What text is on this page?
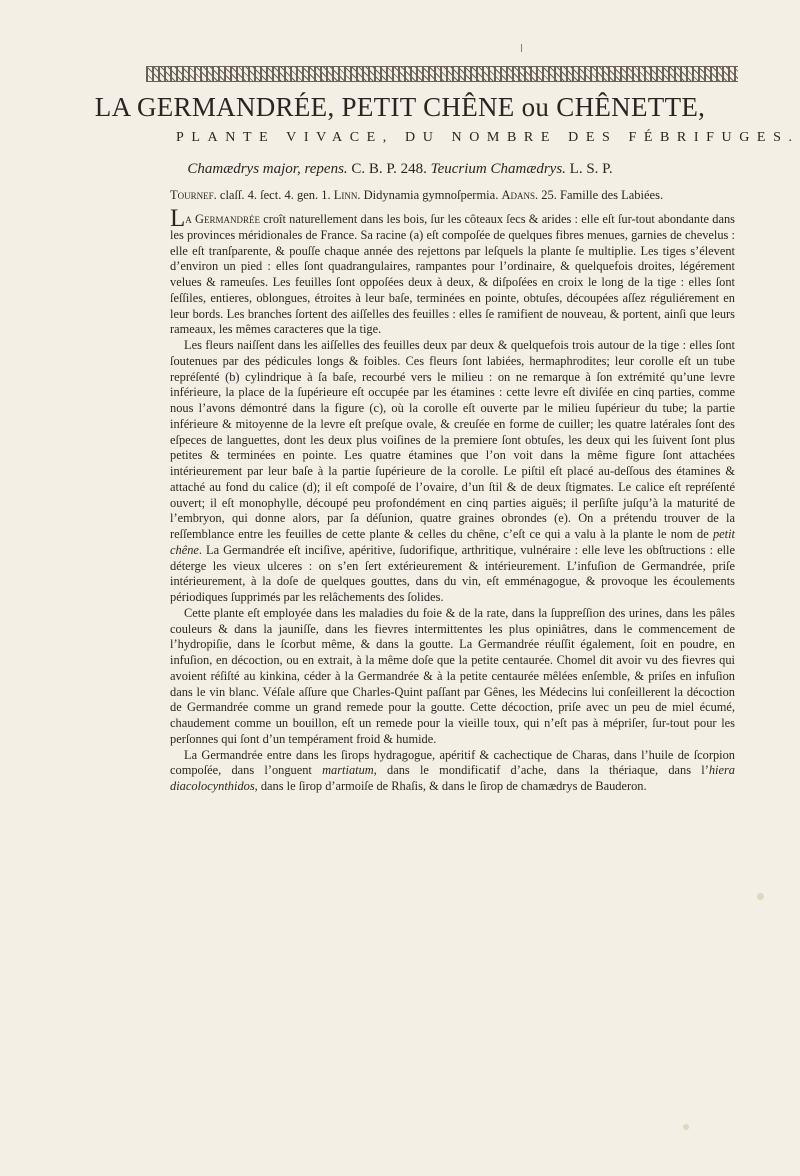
LA GERMANDRÉE, PETIT CHÊNE ou CHÊNETTE,
PLANTE VIVACE, DU NOMBRE DES FÉBRIFUGES.
Chamædrys major, repens. C. B. P. 248. Teucrium Chamædrys. L. S. P.
Tournef. claſſ. 4. ſect. 4. gen. 1. Linn. Didynamia gymnoſpermia. Adans. 25. Famille des Labiées.

La Germandrée croît naturellement dans les bois, ſur les côteaux ſecs & arides : elle eſt ſur-tout abondante dans les provinces méridionales de France. Sa racine (a) eſt compoſée de quelques fibres menues, garnies de chevelus : elle eſt tranſparente, & pouſſe chaque année des rejettons par leſquels la plante ſe multiplie. Les tiges s’élevent d’environ un pied : elles ſont quadrangulaires, rampantes pour l’ordinaire, & quelquefois droites, légérement velues & rameuſes. Les feuilles ſont oppoſées deux à deux, & diſpoſées en croix le long de la tige : elles ſont ſeſſiles, entieres, oblongues, étroites à leur baſe, terminées en pointe, obtuſes, découpées aſſez réguliérement en leur bords. Les branches ſortent des aiſſelles des feuilles : elles ſe ramifient de nouveau, & portent, ainſi que leurs rameaux, les mêmes caracteres que la tige.

Les fleurs naiſſent dans les aiſſelles des feuilles deux par deux & quelquefois trois autour de la tige : elles ſont ſoutenues par des pédicules longs & foibles. Ces fleurs ſont labiées, hermaphrodites; leur corolle eſt un tube repréſenté (b) cylindrique à ſa baſe, recourbé vers le milieu : on ne remarque à ſon extrémité qu’une levre inférieure, la place de la ſupérieure eſt occupée par les étamines : cette levre eſt diviſée en cinq parties, comme nous l’avons démontré dans la figure (c), où la corolle eſt ouverte par le milieu ſupérieur du tube; la partie inférieure & mitoyenne de la levre eſt preſque ovale, & creuſée en forme de cuiller; les quatre latérales ſont des eſpeces de languettes, dont les deux plus voiſines de la premiere ſont obtuſes, les deux qui les ſuivent ſont plus petites & terminées en pointe. Les quatre étamines que l’on voit dans la même figure ſont attachées intérieurement par leur baſe à la partie ſupérieure de la corolle. Le piſtil eſt placé au-deſſous des étamines & attaché au fond du calice (d); il eſt compoſé de l’ovaire, d’un ſtil & de deux ſtigmates. Le calice eſt repréſenté ouvert; il eſt monophylle, découpé peu profondément en cinq parties aiguës; il perſiſte juſqu’à la maturité de l’embryon, qui donne alors, par ſa déſunion, quatre graines obrondes (e). On a prétendu trouver de la reſſemblance entre les feuilles de cette plante & celles du chêne, c’eſt ce qui a valu à la plante le nom de petit chêne. La Germandrée eſt inciſive, apéritive, ſudorifique, arthritique, vulnéraire : elle leve les obſtructions : elle déterge les vieux ulceres : on s’en ſert extérieurement & intérieurement. L’infuſion de Germandrée, priſe intérieurement, à la doſe de quelques gouttes, dans du vin, eſt emménagogue, & provoque les écoulements périodiques ſupprimés par les relâchements des ſolides.

Cette plante eſt employée dans les maladies du foie & de la rate, dans la ſuppreſſion des urines, dans les pâles couleurs & dans la jauniſſe, dans les fievres intermittentes les plus opiniâtres, dans le commencement de l’hydropiſie, dans le ſcorbut même, & dans la goutte. La Germandrée réuſſit également, ſoit en poudre, en infuſion, en décoction, ou en extrait, à la même doſe que la petite centaurée. Chomel dit avoir vu des fievres qui avoient réſiſté au kinkina, céder à la Germandrée & à la petite centaurée mêlées enſemble, & priſes en infuſion dans le vin blanc. Véſale aſſure que Charles-Quint paſſant par Gênes, les Médecins lui conſeillerent la décoction de Germandrée comme un grand remede pour la goutte. Cette décoction, priſe avec un peu de miel écumé, chaudement comme un bouillon, eſt un remede pour la vieille toux, qui n’eſt pas à mépriſer, ſur-tout pour les perſonnes qui ſont d’un tempérament froid & humide.

La Germandrée entre dans les ſirops hydragogue, apéritif & cachectique de Charas, dans l’huile de ſcorpion compoſée, dans l’onguent martiatum, dans le mondificatif d’ache, dans la thériaque, dans l’hiera diacolocynthidos, dans le ſirop d’armoiſe de Rhaſis, & dans le ſirop de chamædrys de Bauderon.
